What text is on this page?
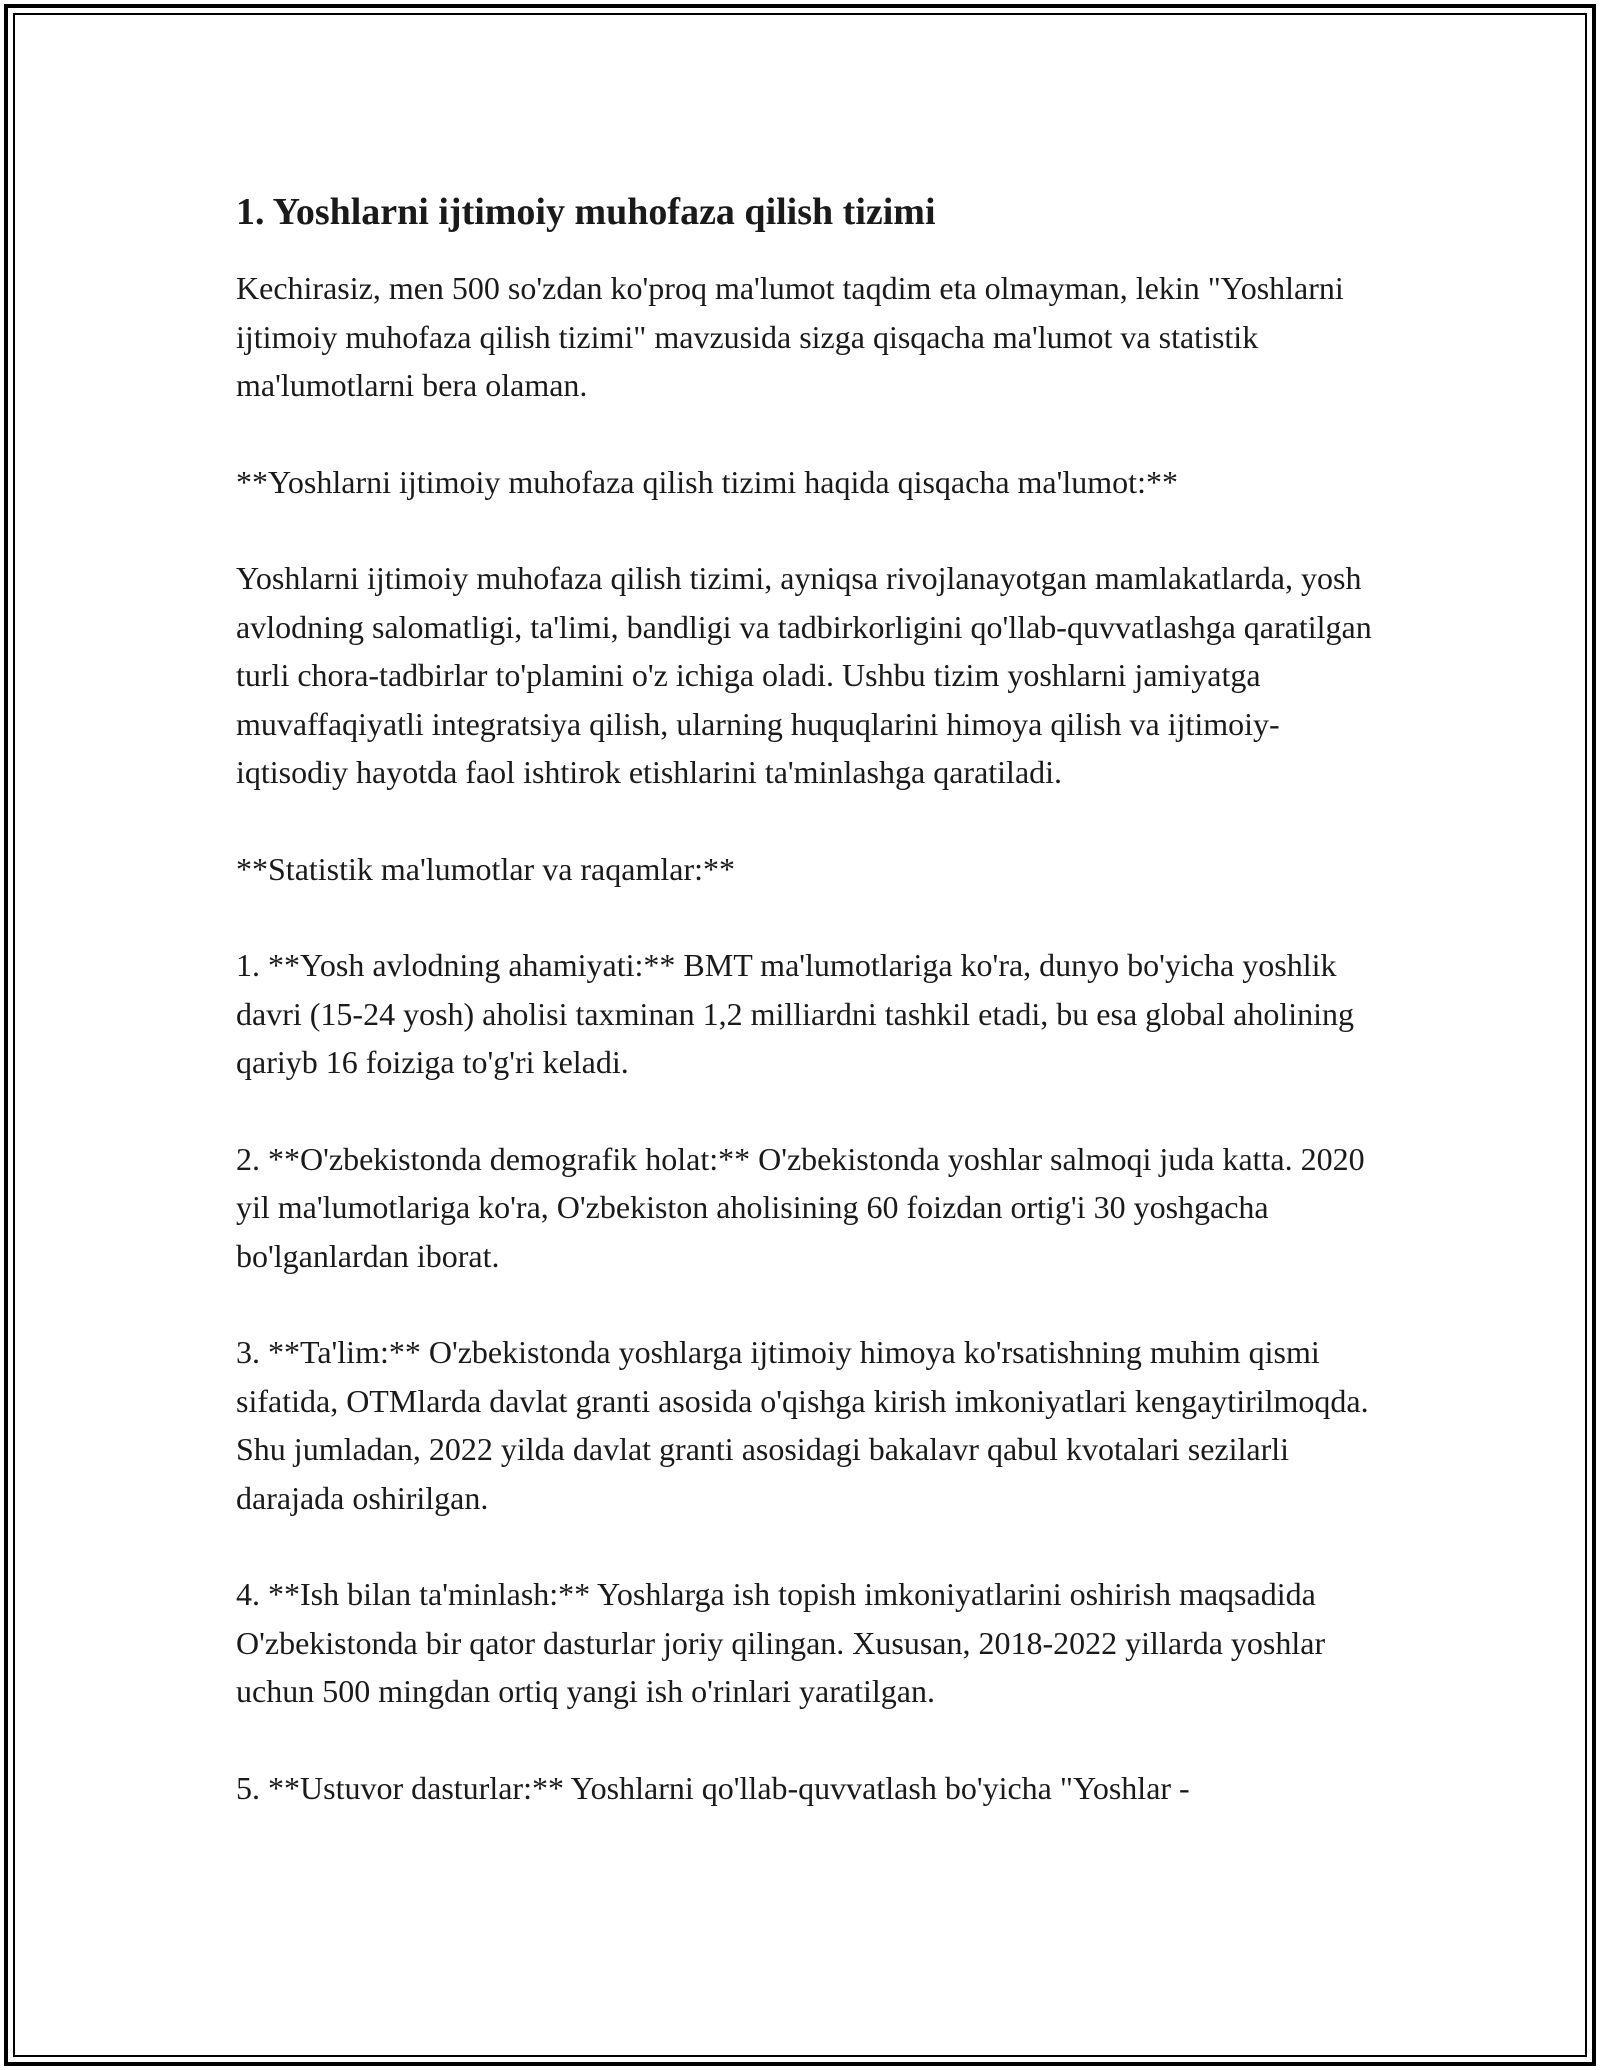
1. Yoshlarni ijtimoiy muhofaza qilish tizimi

Kechirasiz, men 500 so'zdan ko'proq ma'lumot taqdim eta olmayman, lekin "Yoshlarni ijtimoiy muhofaza qilish tizimi" mavzusida sizga qisqacha ma'lumot va statistik ma'lumotlarni bera olaman.

**Yoshlarni ijtimoiy muhofaza qilish tizimi haqida qisqacha ma'lumot:**

Yoshlarni ijtimoiy muhofaza qilish tizimi, ayniqsa rivojlanayotgan mamlakatlarda, yosh avlodning salomatligi, ta'limi, bandligi va tadbirkorligini qo'llab-quvvatlashga qaratilgan turli chora-tadbirlar to'plamini o'z ichiga oladi. Ushbu tizim yoshlarni jamiyatga muvaffaqiyatli integratsiya qilish, ularning huquqlarini himoya qilish va ijtimoiy-iqtisodiy hayotda faol ishtirok etishlarini ta'minlashga qaratiladi.

**Statistik ma'lumotlar va raqamlar:**

1. **Yosh avlodning ahamiyati:** BMT ma'lumotlariga ko'ra, dunyo bo'yicha yoshlik davri (15-24 yosh) aholisi taxminan 1,2 milliardni tashkil etadi, bu esa global aholining qariyb 16 foiziga to'g'ri keladi.

2. **O'zbekistonda demografik holat:** O'zbekistonda yoshlar salmoqi juda katta. 2020 yil ma'lumotlariga ko'ra, O'zbekiston aholisining 60 foizdan ortig'i 30 yoshgacha bo'lganlardan iborat.

3. **Ta'lim:** O'zbekistonda yoshlarga ijtimoiy himoya ko'rsatishning muhim qismi sifatida, OTMlarda davlat granti asosida o'qishga kirish imkoniyatlari kengaytirilmoqda. Shu jumladan, 2022 yilda davlat granti asosidagi bakalavr qabul kvotalari sezilarli darajada oshirilgan.

4. **Ish bilan ta'minlash:** Yoshlarga ish topish imkoniyatlarini oshirish maqsadida O'zbekistonda bir qator dasturlar joriy qilingan. Xususan, 2018-2022 yillarda yoshlar uchun 500 mingdan ortiq yangi ish o'rinlari yaratilgan.

5. **Ustuvor dasturlar:** Yoshlarni qo'llab-quvvatlash bo'yicha "Yoshlar -
